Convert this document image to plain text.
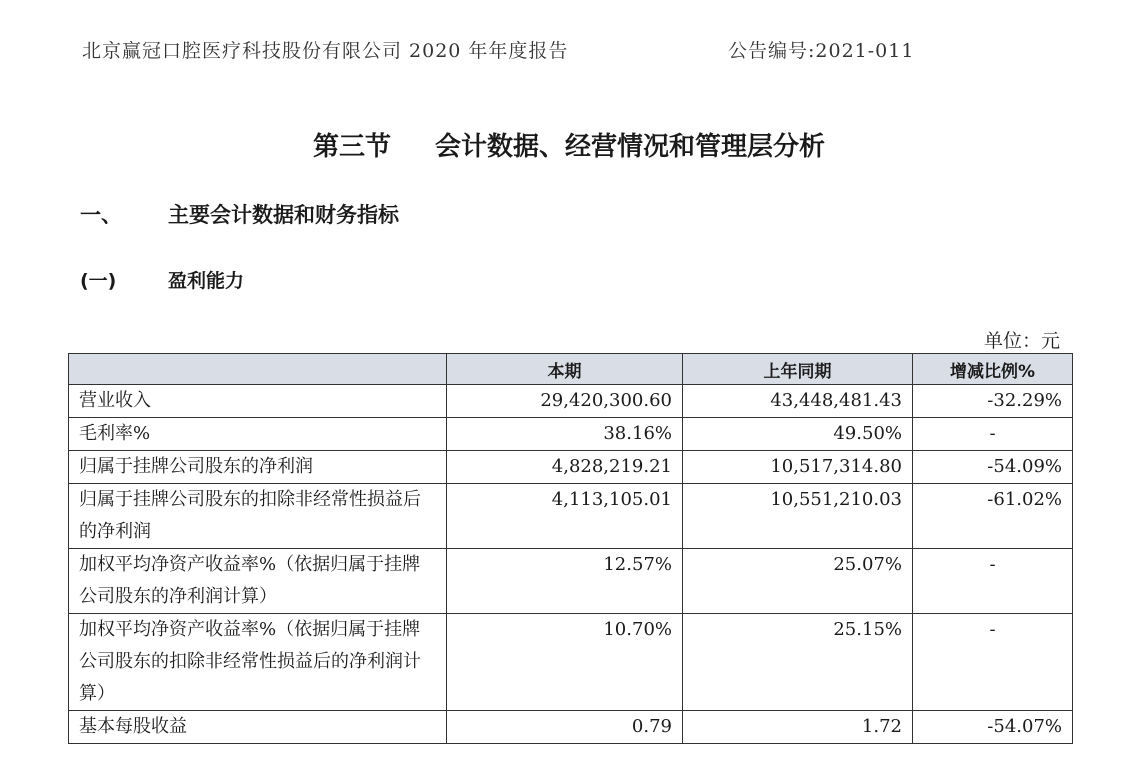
北京赢冠口腔医疗科技股份有限公司 2020 年年度报告	公告编号:2021-011
第三节 会计数据、经营情况和管理层分析
一、 主要会计数据和财务指标
(一)	盈利能力
单位：元
	本期	上年同期	增减比例%
营业收入	29,420,300.60	43,448,481.43	-32.29%
毛利率%	38.16%	49.50%	-
归属于挂牌公司股东的净利润	4,828,219.21	10,517,314.80	-54.09%
归属于挂牌公司股东的扣除非经常性损益后的净利润	4,113,105.01	10,551,210.03	-61.02%
加权平均净资产收益率%（依据归属于挂牌公司股东的净利润计算）	12.57%	25.07%	-
加权平均净资产收益率%（依据归属于挂牌公司股东的扣除非经常性损益后的净利润计算）	10.70%	25.15%	-
基本每股收益	0.79	1.72	-54.07%
